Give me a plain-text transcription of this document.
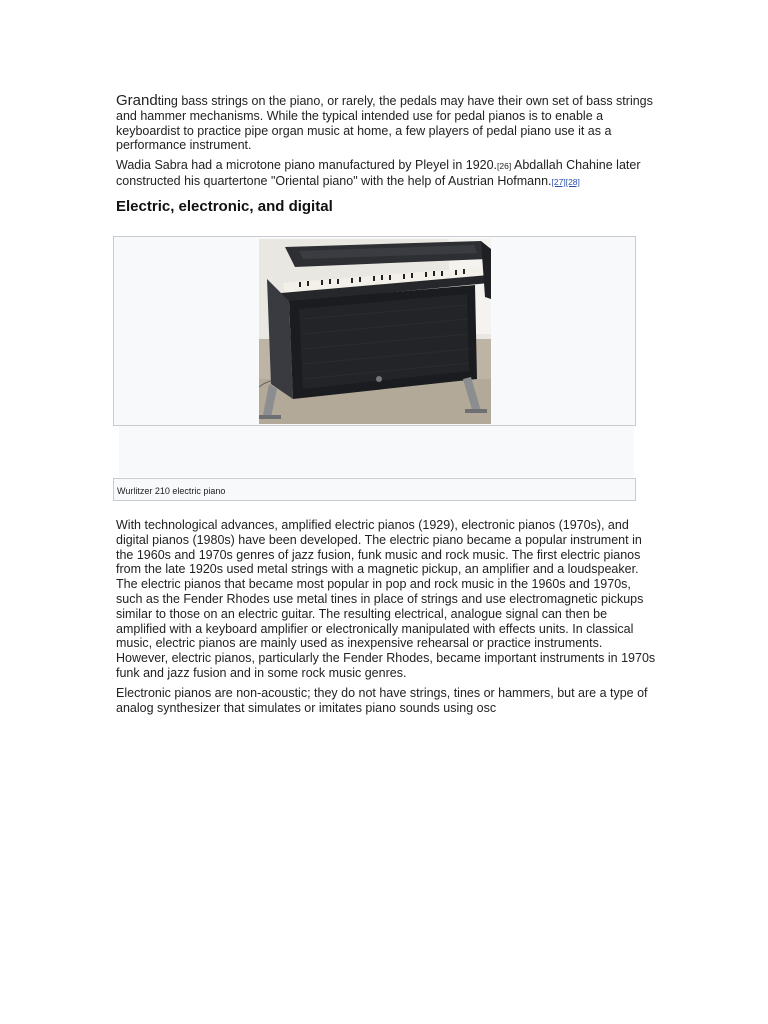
Grandting bass strings on the piano, or rarely, the pedals may have their own set of bass strings and hammer mechanisms. While the typical intended use for pedal pianos is to enable a keyboardist to practice pipe organ music at home, a few players of pedal piano use it as a performance instrument.

Wadia Sabra had a microtone piano manufactured by Pleyel in 1920.[26] Abdallah Chahine later constructed his quartertone "Oriental piano" with the help of Austrian Hofmann.[27][28]

Electric, electronic, and digital
Wurlitzer 210 electric piano

With technological advances, amplified electric pianos (1929), electronic pianos (1970s), and digital pianos (1980s) have been developed. The electric piano became a popular instrument in the 1960s and 1970s genres of jazz fusion, funk music and rock music. The first electric pianos from the late 1920s used metal strings with a magnetic pickup, an amplifier and a loudspeaker. The electric pianos that became most popular in pop and rock music in the 1960s and 1970s, such as the Fender Rhodes use metal tines in place of strings and use electromagnetic pickups similar to those on an electric guitar. The resulting electrical, analogue signal can then be amplified with a keyboard amplifier or electronically manipulated with effects units. In classical music, electric pianos are mainly used as inexpensive rehearsal or practice instruments. However, electric pianos, particularly the Fender Rhodes, became important instruments in 1970s funk and jazz fusion and in some rock music genres.

Electronic pianos are non-acoustic; they do not have strings, tines or hammers, but are a type of analog synthesizer that simulates or imitates piano sounds using osc
